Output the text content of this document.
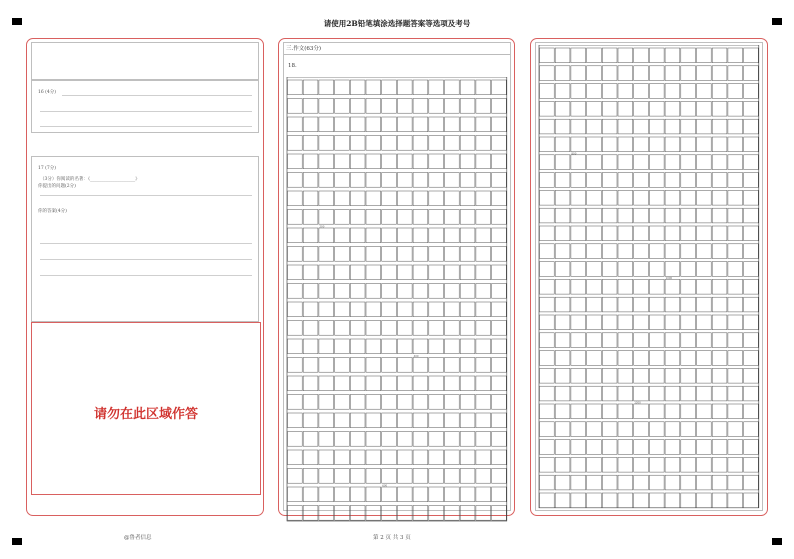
请使用2B铅笔填涂选择题答案等选项及考号
16 (4分)
17 (7分)
（3分）你阅读的名著：《____________________》
你提出的问题(2分)
你的答案(4分)
请勿在此区域作答
三.作文(63分)
18.
200
400
600
800
1000
1200
@鲁者信息	第 2 页 共 3 页
